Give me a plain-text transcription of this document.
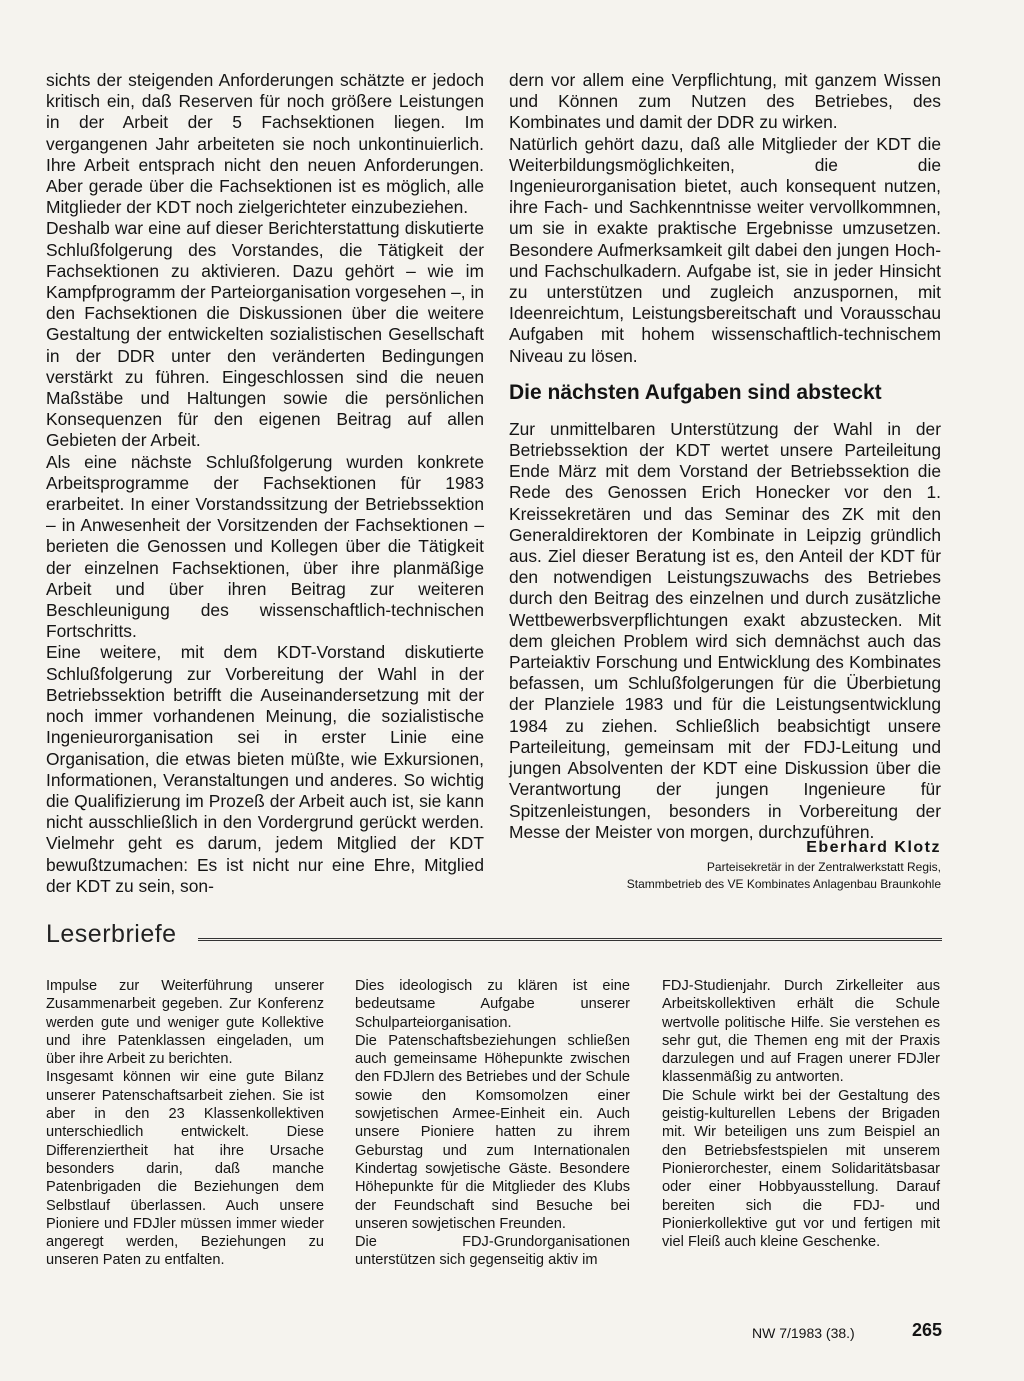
sichts der steigenden Anforderungen schätzte er jedoch kritisch ein, daß Reserven für noch größere Leistungen in der Arbeit der 5 Fachsektionen liegen. Im vergangenen Jahr arbeiteten sie noch unkontinuierlich. Ihre Arbeit entsprach nicht den neuen Anforderungen. Aber gerade über die Fachsektionen ist es möglich, alle Mitglieder der KDT noch zielgerichteter einzubeziehen.

Deshalb war eine auf dieser Berichterstattung diskutierte Schlußfolgerung des Vorstandes, die Tätigkeit der Fachsektionen zu aktivieren. Dazu gehört – wie im Kampfprogramm der Parteiorganisation vorgesehen –, in den Fachsektionen die Diskussionen über die weitere Gestaltung der entwickelten sozialistischen Gesellschaft in der DDR unter den veränderten Bedingungen verstärkt zu führen. Eingeschlossen sind die neuen Maßstäbe und Haltungen sowie die persönlichen Konsequenzen für den eigenen Beitrag auf allen Gebieten der Arbeit.

Als eine nächste Schlußfolgerung wurden konkrete Arbeitsprogramme der Fachsektionen für 1983 erarbeitet. In einer Vorstandssitzung der Betriebssektion – in Anwesenheit der Vorsitzenden der Fachsektionen – berieten die Genossen und Kollegen über die Tätigkeit der einzelnen Fachsektionen, über ihre planmäßige Arbeit und über ihren Beitrag zur weiteren Beschleunigung des wissenschaftlich-technischen Fortschritts.

Eine weitere, mit dem KDT-Vorstand diskutierte Schlußfolgerung zur Vorbereitung der Wahl in der Betriebssektion betrifft die Auseinandersetzung mit der noch immer vorhandenen Meinung, die sozialistische Ingenieurorganisation sei in erster Linie eine Organisation, die etwas bieten müßte, wie Exkursionen, Informationen, Veranstaltungen und anderes. So wichtig die Qualifizierung im Prozeß der Arbeit auch ist, sie kann nicht ausschließlich in den Vordergrund gerückt werden. Vielmehr geht es darum, jedem Mitglied der KDT bewußtzumachen: Es ist nicht nur eine Ehre, Mitglied der KDT zu sein, son-

dern vor allem eine Verpflichtung, mit ganzem Wissen und Können zum Nutzen des Betriebes, des Kombinates und damit der DDR zu wirken.

Natürlich gehört dazu, daß alle Mitglieder der KDT die Weiterbildungsmöglichkeiten, die die Ingenieurorganisation bietet, auch konsequent nutzen, ihre Fach- und Sachkenntnisse weiter vervollkommnen, um sie in exakte praktische Ergebnisse umzusetzen. Besondere Aufmerksamkeit gilt dabei den jungen Hoch- und Fachschulkadern. Aufgabe ist, sie in jeder Hinsicht zu unterstützen und zugleich anzuspornen, mit Ideenreichtum, Leistungsbereitschaft und Vorausschau Aufgaben mit hohem wissenschaftlich-technischem Niveau zu lösen.

Die nächsten Aufgaben sind absteckt

Zur unmittelbaren Unterstützung der Wahl in der Betriebssektion der KDT wertet unsere Parteileitung Ende März mit dem Vorstand der Betriebssektion die Rede des Genossen Erich Honecker vor den 1. Kreissekretären und das Seminar des ZK mit den Generaldirektoren der Kombinate in Leipzig gründlich aus. Ziel dieser Beratung ist es, den Anteil der KDT für den notwendigen Leistungszuwachs des Betriebes durch den Beitrag des einzelnen und durch zusätzliche Wettbewerbsverpflichtungen exakt abzustecken. Mit dem gleichen Problem wird sich demnächst auch das Parteiaktiv Forschung und Entwicklung des Kombinates befassen, um Schlußfolgerungen für die Überbietung der Planziele 1983 und für die Leistungsentwicklung 1984 zu ziehen. Schließlich beabsichtigt unsere Parteileitung, gemeinsam mit der FDJ-Leitung und jungen Absolventen der KDT eine Diskussion über die Verantwortung der jungen Ingenieure für Spitzenleistungen, besonders in Vorbereitung der Messe der Meister von morgen, durchzuführen.

Eberhard Klotz

Parteisekretär in der Zentralwerkstatt Regis,

Stammbetrieb des VE Kombinates Anlagenbau Braunkohle

Leserbriefe

Impulse zur Weiterführung unserer Zusammenarbeit gegeben. Zur Konferenz werden gute und weniger gute Kollektive und ihre Patenklassen eingeladen, um über ihre Arbeit zu berichten.

Insgesamt können wir eine gute Bilanz unserer Patenschaftsarbeit ziehen. Sie ist aber in den 23 Klassenkollektiven unterschiedlich entwickelt. Diese Differenziertheit hat ihre Ursache besonders darin, daß manche Patenbrigaden die Beziehungen dem Selbstlauf überlassen. Auch unsere Pioniere und FDJler müssen immer wieder angeregt werden, Beziehungen zu unseren Paten zu entfalten.

Dies ideologisch zu klären ist eine bedeutsame Aufgabe unserer Schulparteiorganisation.

Die Patenschaftsbeziehungen schließen auch gemeinsame Höhepunkte zwischen den FDJlern des Betriebes und der Schule sowie den Komsomolzen einer sowjetischen Armee-Einheit ein. Auch unsere Pioniere hatten zu ihrem Geburstag und zum Internationalen Kindertag sowjetische Gäste. Besondere Höhepunkte für die Mitglieder des Klubs der Feundschaft sind Besuche bei unseren sowjetischen Freunden.

Die FDJ-Grundorganisationen unterstützen sich gegenseitig aktiv im

FDJ-Studienjahr. Durch Zirkelleiter aus Arbeitskollektiven erhält die Schule wertvolle politische Hilfe. Sie verstehen es sehr gut, die Themen eng mit der Praxis darzulegen und auf Fragen unerer FDJler klassenmäßig zu antworten.

Die Schule wirkt bei der Gestaltung des geistig-kulturellen Lebens der Brigaden mit. Wir beteiligen uns zum Beispiel an den Betriebsfestspielen mit unserem Pionierorchester, einem Solidaritätsbasar oder einer Hobbyausstellung. Darauf bereiten sich die FDJ- und Pionierkollektive gut vor und fertigen mit viel Fleiß auch kleine Geschenke.

NW 7/1983 (38.)	265
